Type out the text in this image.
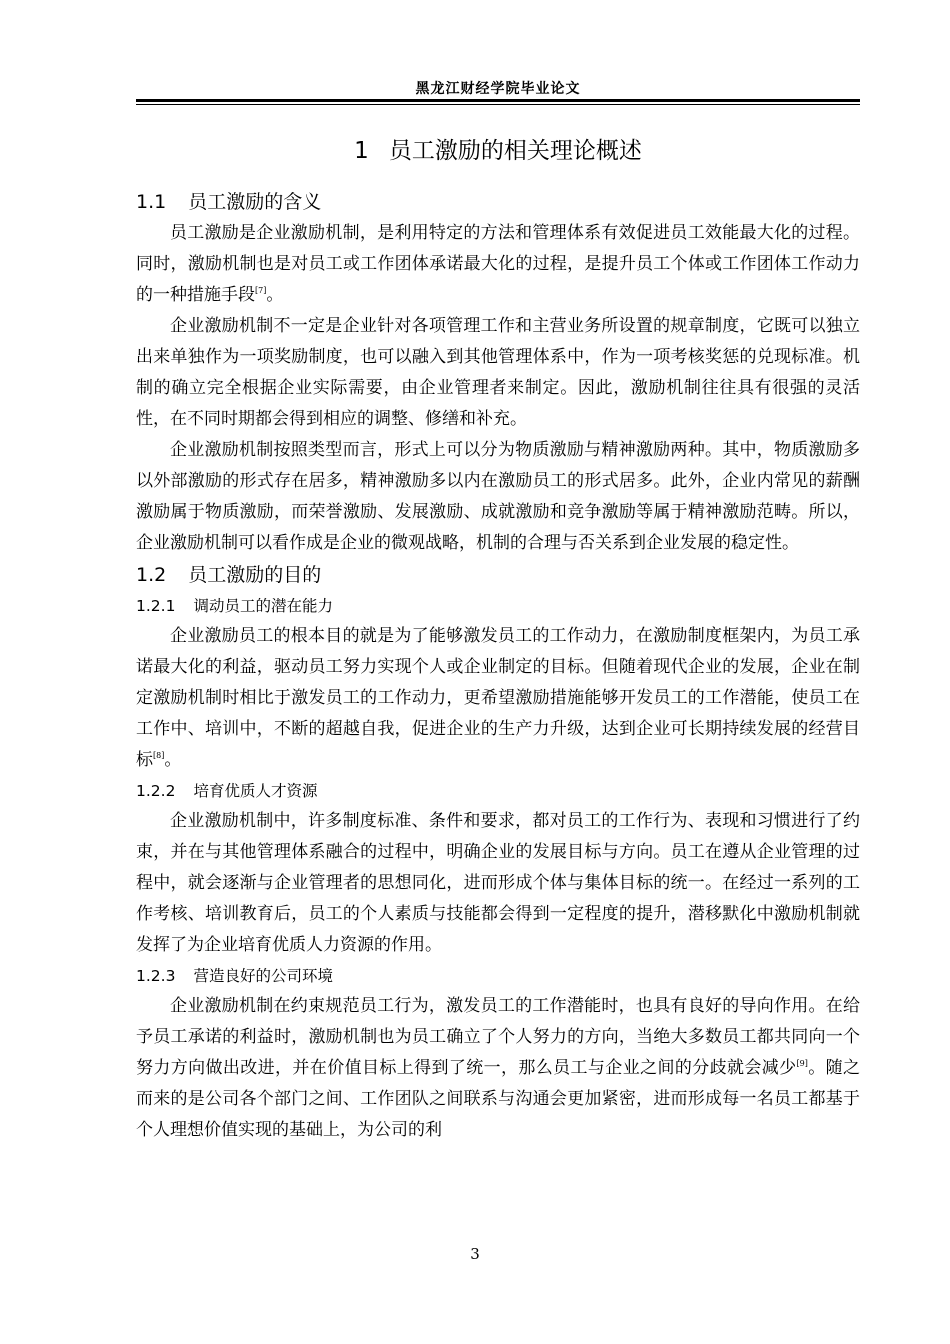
黑龙江财经学院毕业论文
1 员工激励的相关理论概述
1.1 员工激励的含义

员工激励是企业激励机制，是利用特定的方法和管理体系有效促进员工效能最大化的过程。同时，激励机制也是对员工或工作团体承诺最大化的过程，是提升员工个体或工作团体工作动力的一种措施手段[7]。

企业激励机制不一定是企业针对各项管理工作和主营业务所设置的规章制度，它既可以独立出来单独作为一项奖励制度，也可以融入到其他管理体系中，作为一项考核奖惩的兑现标准。机制的确立完全根据企业实际需要，由企业管理者来制定。因此，激励机制往往具有很强的灵活性，在不同时期都会得到相应的调整、修缮和补充。

企业激励机制按照类型而言，形式上可以分为物质激励与精神激励两种。其中，物质激励多以外部激励的形式存在居多，精神激励多以内在激励员工的形式居多。此外，企业内常见的薪酬激励属于物质激励，而荣誉激励、发展激励、成就激励和竞争激励等属于精神激励范畴。所以，企业激励机制可以看作成是企业的微观战略，机制的合理与否关系到企业发展的稳定性。

1.2 员工激励的目的
1.2.1 调动员工的潜在能力

企业激励员工的根本目的就是为了能够激发员工的工作动力，在激励制度框架内，为员工承诺最大化的利益，驱动员工努力实现个人或企业制定的目标。但随着现代企业的发展，企业在制定激励机制时相比于激发员工的工作动力，更希望激励措施能够开发员工的工作潜能，使员工在工作中、培训中，不断的超越自我，促进企业的生产力升级，达到企业可长期持续发展的经营目标[8]。

1.2.2 培育优质人才资源

企业激励机制中，许多制度标准、条件和要求，都对员工的工作行为、表现和习惯进行了约束，并在与其他管理体系融合的过程中，明确企业的发展目标与方向。员工在遵从企业管理的过程中，就会逐渐与企业管理者的思想同化，进而形成个体与集体目标的统一。在经过一系列的工作考核、培训教育后，员工的个人素质与技能都会得到一定程度的提升，潜移默化中激励机制就发挥了为企业培育优质人力资源的作用。

1.2.3 营造良好的公司环境

企业激励机制在约束规范员工行为，激发员工的工作潜能时，也具有良好的导向作用。在给予员工承诺的利益时，激励机制也为员工确立了个人努力的方向，当绝大多数员工都共同向一个努力方向做出改进，并在价值目标上得到了统一，那么员工与企业之间的分歧就会减少[9]。随之而来的是公司各个部门之间、工作团队之间联系与沟通会更加紧密，进而形成每一名员工都基于个人理想价值实现的基础上，为公司的利

3
